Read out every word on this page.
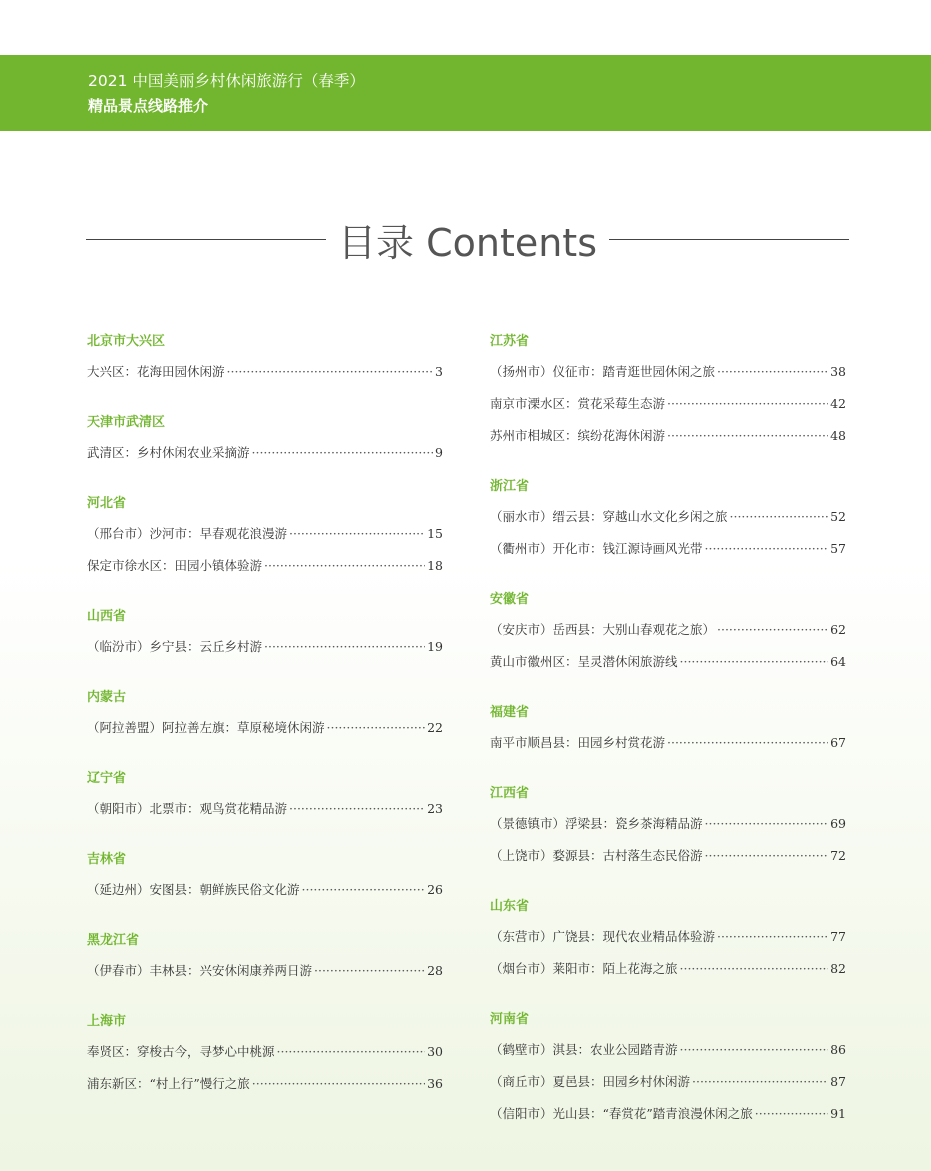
2021 中国美丽乡村休闲旅游行（春季）
精品景点线路推介
目录 Contents
北京市大兴区
大兴区：花海田园休闲游 ·····	3
天津市武清区
武清区：乡村休闲农业采摘游 ·····	9
河北省
（邢台市）沙河市：早春观花浪漫游 ·····	15
保定市徐水区：田园小镇体验游 ·····	18
山西省
（临汾市）乡宁县：云丘乡村游 ·····	19
内蒙古
（阿拉善盟）阿拉善左旗：草原秘境休闲游 ·····	22
辽宁省
（朝阳市）北票市：观鸟赏花精品游 ·····	23
吉林省
（延边州）安图县：朝鲜族民俗文化游 ·····	26
黑龙江省
（伊春市）丰林县：兴安休闲康养两日游 ·····	28
上海市
奉贤区：穿梭古今，寻梦心中桃源 ·····	30
浦东新区：“村上行”慢行之旅 ·····	36
江苏省
（扬州市）仪征市：踏青逛世园休闲之旅 ·····	38
南京市溧水区：赏花采莓生态游 ·····	42
苏州市相城区：缤纷花海休闲游 ·····	48
浙江省
（丽水市）缙云县：穿越山水文化乡闲之旅 ·····	52
（衢州市）开化市：钱江源诗画风光带 ·····	57
安徽省
（安庆市）岳西县：大别山春观花之旅） ·····	62
黄山市徽州区：呈灵潜休闲旅游线 ·····	64
福建省
南平市顺昌县：田园乡村赏花游 ·····	67
江西省
（景德镇市）浮梁县：瓷乡茶海精品游 ·····	69
（上饶市）婺源县：古村落生态民俗游 ·····	72
山东省
（东营市）广饶县：现代农业精品体验游 ·····	77
（烟台市）莱阳市：陌上花海之旅 ·····	82
河南省
（鹤壁市）淇县：农业公园踏青游 ·····	86
（商丘市）夏邑县：田园乡村休闲游 ·····	87
（信阳市）光山县：“春赏花”踏青浪漫休闲之旅 ·····	91
